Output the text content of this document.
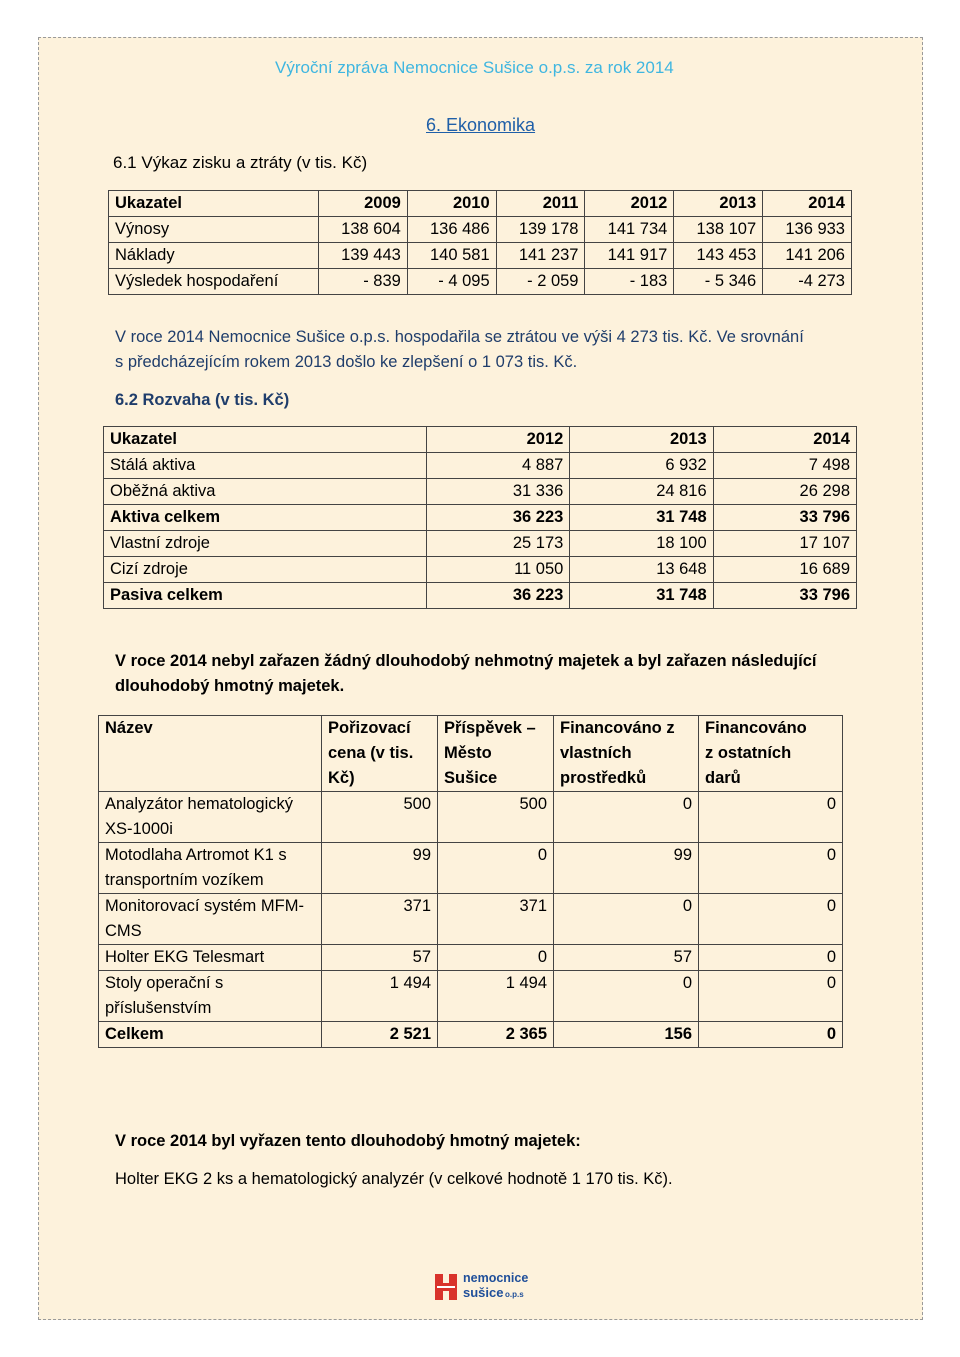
Výroční zpráva Nemocnice Sušice o.p.s. za rok 2014
6. Ekonomika
6.1 Výkaz zisku a ztráty (v tis. Kč)
Ukazatel	2009	2010	2011	2012	2013	2014
Výnosy	138 604	136 486	139 178	141 734	138 107	136 933
Náklady	139 443	140 581	141 237	141 917	143 453	141 206
Výsledek hospodaření	- 839	- 4 095	- 2 059	- 183	- 5 346	-4 273
V roce 2014 Nemocnice Sušice o.p.s. hospodařila se ztrátou ve výši 4 273 tis. Kč. Ve srovnání
s předcházejícím rokem 2013 došlo ke zlepšení o 1 073 tis. Kč.
6.2 Rozvaha (v tis. Kč)
Ukazatel	2012	2013	2014
Stálá aktiva	4 887	6 932	7 498
Oběžná aktiva	31 336	24 816	26 298
Aktiva celkem	36 223	31 748	33 796
Vlastní zdroje	25 173	18 100	17 107
Cizí zdroje	11 050	13 648	16 689
Pasiva celkem	36 223	31 748	33 796
V roce 2014 nebyl zařazen žádný dlouhodobý nehmotný majetek a byl zařazen následující
dlouhodobý hmotný majetek.
Název	Pořizovací cena (v tis. Kč)	Příspěvek – Město Sušice	Financováno z vlastních prostředků	Financováno z ostatních darů
Analyzátor hematologický XS-1000i	500	500	0	0
Motodlaha Artromot K1 s transportním vozíkem	99	0	99	0
Monitorovací systém MFM-CMS	371	371	0	0
Holter EKG Telesmart	57	0	57	0
Stoly operační s příslušenstvím	1 494	1 494	0	0
Celkem	2 521	2 365	156	0
V roce 2014 byl vyřazen tento dlouhodobý hmotný majetek:
Holter EKG 2 ks a hematologický analyzér (v celkové hodnotě 1 170 tis. Kč).
nemocnice
sušice o.p.s
